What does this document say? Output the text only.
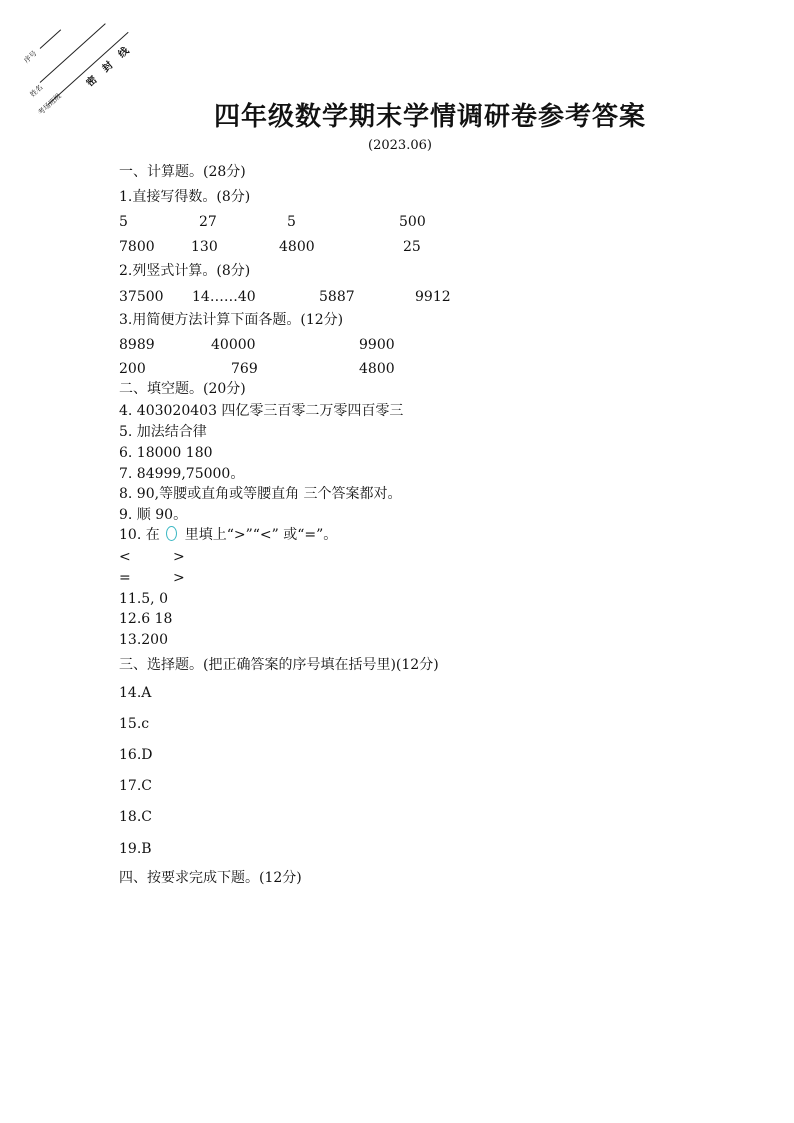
序号
姓名
考场班级
密 封 线
四年级数学期末学情调研卷参考答案
(2023.06)
一、计算题。(28分)
1.直接写得数。(8分)
5	27	5	500
7800	130	4800	25
2.列竖式计算。(8分)
37500 14……40	5887	9912
3.用简便方法计算下面各题。(12分)
8989	40000	9900
200	769	4800
二、填空题。(20分)
4. 403020403 四亿零三百零二万零四百零三
5. 加法结合律
6. 18000 180
7. 84999,75000。
8. 90,等腰或直角或等腰直角 三个答案都对。
9. 顺 90。
10. 在 里填上“>”“<” 或“=”。
<	>
=	>
11.5, 0
12.6 18
13.200
三、选择题。(把正确答案的序号填在括号里)(12分)
14.A
15.c
16.D
17.C
18.C
19.B
四、按要求完成下题。(12分)
